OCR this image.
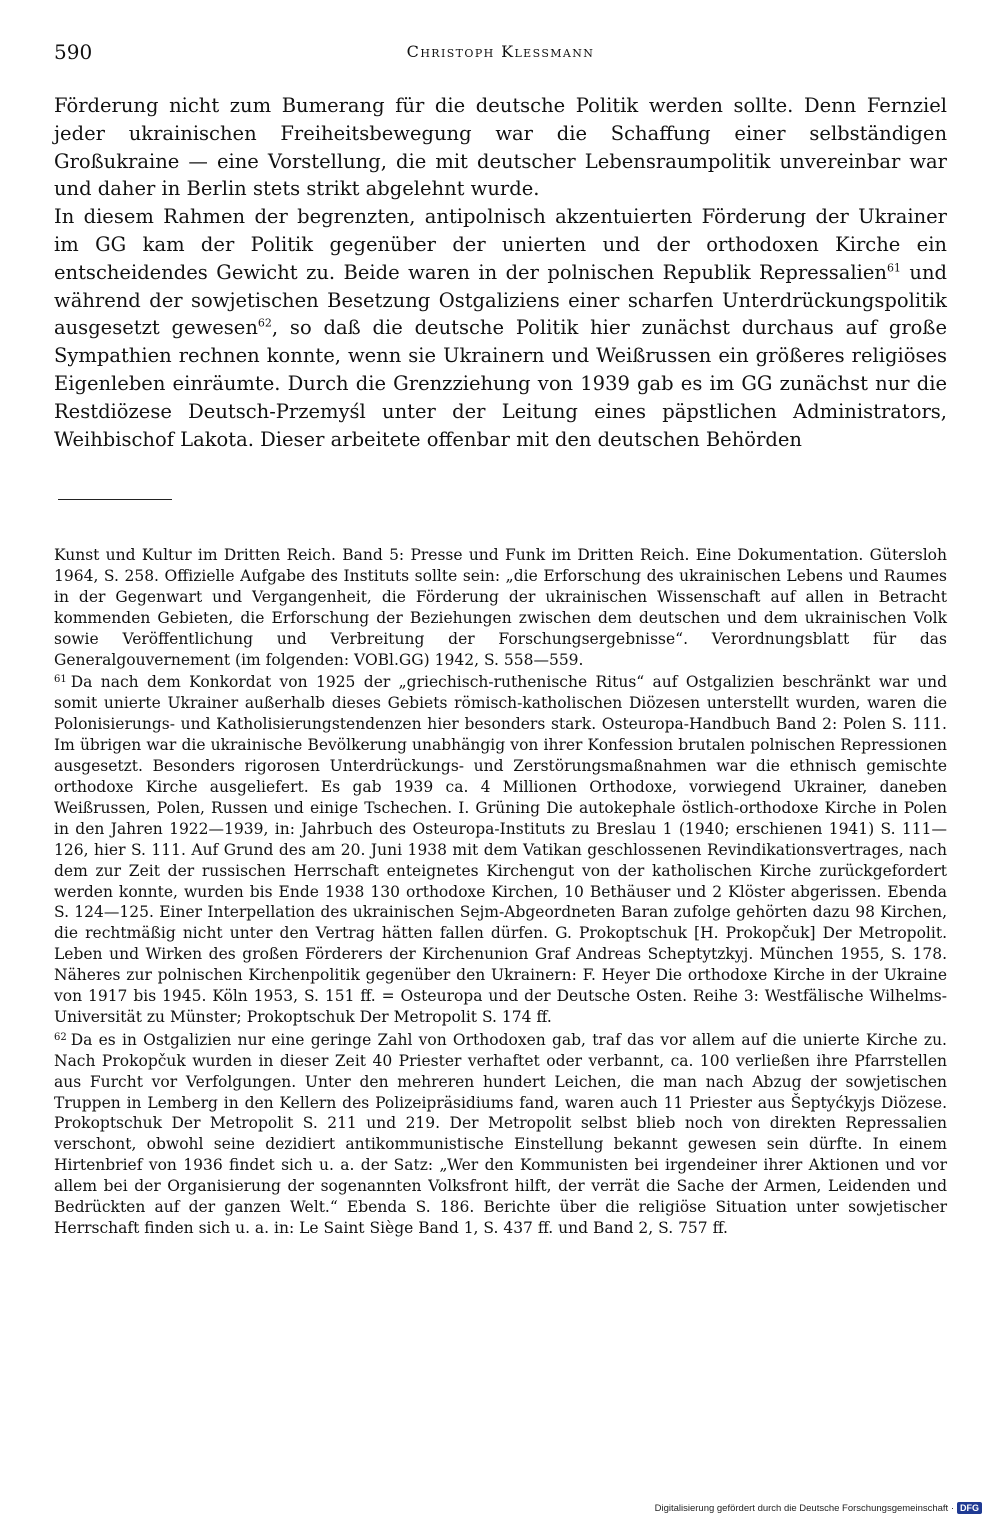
590	Christoph Klessmann

Förderung nicht zum Bumerang für die deutsche Politik werden sollte. Denn Fernziel jeder ukrainischen Freiheitsbewegung war die Schaffung einer selbständigen Großukraine — eine Vorstellung, die mit deutscher Lebensraumpolitik unvereinbar war und daher in Berlin stets strikt abgelehnt wurde.

In diesem Rahmen der begrenzten, antipolnisch akzentuierten Förderung der Ukrainer im GG kam der Politik gegenüber der unierten und der orthodoxen Kirche ein entscheidendes Gewicht zu. Beide waren in der polnischen Republik Repressalien$^{61}$ und während der sowjetischen Besetzung Ostgaliziens einer scharfen Unterdrückungspolitik ausgesetzt gewesen$^{62}$, so daß die deutsche Politik hier zunächst durchaus auf große Sympathien rechnen konnte, wenn sie Ukrainern und Weißrussen ein größeres religiöses Eigenleben einräumte. Durch die Grenzziehung von 1939 gab es im GG zunächst nur die Restdiözese Deutsch-Przemyśl unter der Leitung eines päpstlichen Administrators, Weihbischof Lakota. Dieser arbeitete offenbar mit den deutschen Behörden

Kunst und Kultur im Dritten Reich. Band 5: Presse und Funk im Dritten Reich. Eine Dokumentation. Gütersloh 1964, S. 258. Offizielle Aufgabe des Instituts sollte sein: „die Erforschung des ukrainischen Lebens und Raumes in der Gegenwart und Vergangenheit, die Förderung der ukrainischen Wissenschaft auf allen in Betracht kommenden Gebieten, die Erforschung der Beziehungen zwischen dem deutschen und dem ukrainischen Volk sowie Veröffentlichung und Verbreitung der Forschungsergebnisse“. Verordnungsblatt für das Generalgouvernement (im folgenden: VOBl.GG) 1942, S. 558—559.

$^{61}$ Da nach dem Konkordat von 1925 der „griechisch-ruthenische Ritus“ auf Ostgalizien beschränkt war und somit unierte Ukrainer außerhalb dieses Gebiets römisch-katholischen Diözesen unterstellt wurden, waren die Polonisierungs- und Katholisierungstendenzen hier besonders stark. Osteuropa-Handbuch Band 2: Polen S. 111. Im übrigen war die ukrainische Bevölkerung unabhängig von ihrer Konfession brutalen polnischen Repressionen ausgesetzt. Besonders rigorosen Unterdrückungs- und Zerstörungsmaßnahmen war die ethnisch gemischte orthodoxe Kirche ausgeliefert. Es gab 1939 ca. 4 Millionen Orthodoxe, vorwiegend Ukrainer, daneben Weißrussen, Polen, Russen und einige Tschechen. I. Grüning Die autokephale östlich-orthodoxe Kirche in Polen in den Jahren 1922—1939, in: Jahrbuch des Osteuropa-Instituts zu Breslau 1 (1940; erschienen 1941) S. 111—126, hier S. 111. Auf Grund des am 20. Juni 1938 mit dem Vatikan geschlossenen Revindikationsvertrages, nach dem zur Zeit der russischen Herrschaft enteignetes Kirchengut von der katholischen Kirche zurückgefordert werden konnte, wurden bis Ende 1938 130 orthodoxe Kirchen, 10 Bethäuser und 2 Klöster abgerissen. Ebenda S. 124—125. Einer Interpellation des ukrainischen Sejm-Abgeordneten Baran zufolge gehörten dazu 98 Kirchen, die rechtmäßig nicht unter den Vertrag hätten fallen dürfen. G. Prokoptschuk [H. Prokopčuk] Der Metropolit. Leben und Wirken des großen Förderers der Kirchenunion Graf Andreas Scheptytzkyj. München 1955, S. 178. Näheres zur polnischen Kirchenpolitik gegenüber den Ukrainern: F. Heyer Die orthodoxe Kirche in der Ukraine von 1917 bis 1945. Köln 1953, S. 151 ff. = Osteuropa und der Deutsche Osten. Reihe 3: Westfälische Wilhelms-Universität zu Münster; Prokoptschuk Der Metropolit S. 174 ff.

$^{62}$ Da es in Ostgalizien nur eine geringe Zahl von Orthodoxen gab, traf das vor allem auf die unierte Kirche zu. Nach Prokopčuk wurden in dieser Zeit 40 Priester verhaftet oder verbannt, ca. 100 verließen ihre Pfarrstellen aus Furcht vor Verfolgungen. Unter den mehreren hundert Leichen, die man nach Abzug der sowjetischen Truppen in Lemberg in den Kellern des Polizeipräsidiums fand, waren auch 11 Priester aus Šeptyćkyjs Diözese. Prokoptschuk Der Metropolit S. 211 und 219. Der Metropolit selbst blieb noch von direkten Repressalien verschont, obwohl seine dezidiert antikommunistische Einstellung bekannt gewesen sein dürfte. In einem Hirtenbrief von 1936 findet sich u. a. der Satz: „Wer den Kommunisten bei irgendeiner ihrer Aktionen und vor allem bei der Organisierung der sogenannten Volksfront hilft, der verrät die Sache der Armen, Leidenden und Bedrückten auf der ganzen Welt.“ Ebenda S. 186. Berichte über die religiöse Situation unter sowjetischer Herrschaft finden sich u. a. in: Le Saint Siège Band 1, S. 437 ff. und Band 2, S. 757 ff.

Digitalisierung gefördert durch die Deutsche Forschungsgemeinschaft · DFG
